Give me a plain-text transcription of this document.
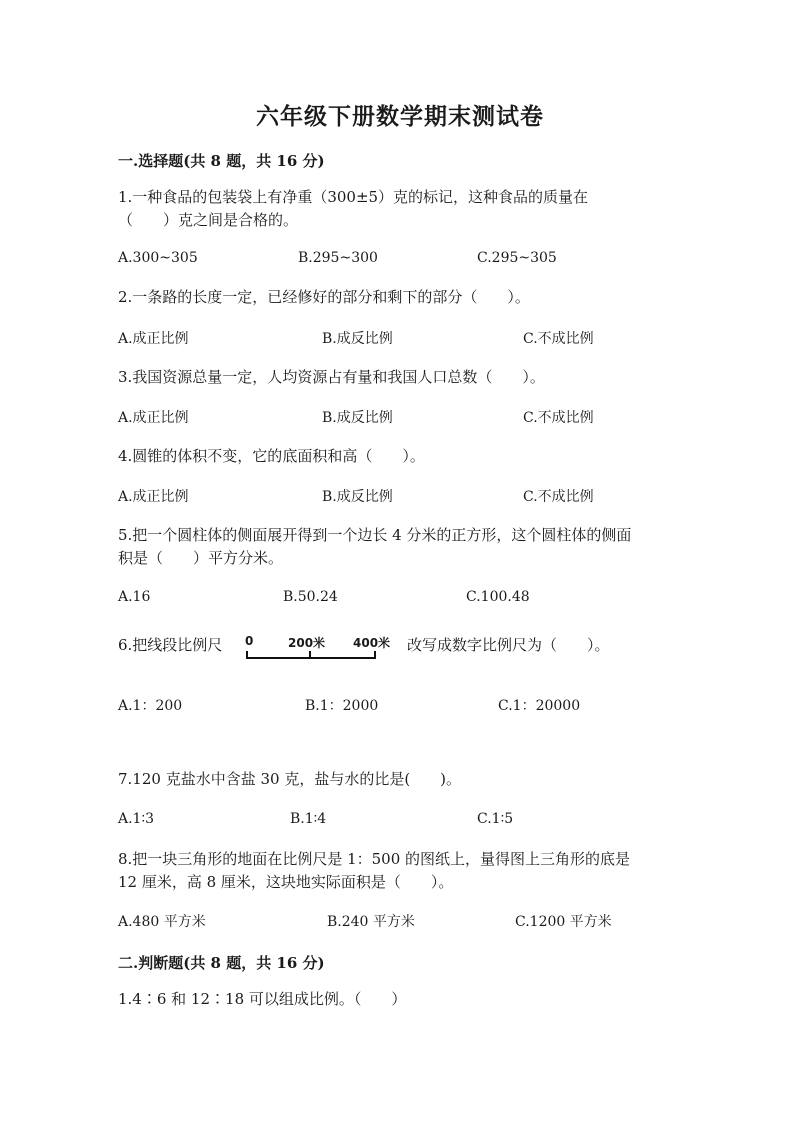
六年级下册数学期末测试卷
一.选择题(共 8 题，共 16 分)
1.一种食品的包装袋上有净重（300±5）克的标记，这种食品的质量在
（　　）克之间是合格的。
A.300~305	B.295~300	C.295~305
2.一条路的长度一定，已经修好的部分和剩下的部分（　　）。
A.成正比例	B.成反比例	C.不成比例
3.我国资源总量一定，人均资源占有量和我国人口总数（　　）。
A.成正比例	B.成反比例	C.不成比例
4.圆锥的体积不变，它的底面积和高（　　）。
A.成正比例	B.成反比例	C.不成比例
5.把一个圆柱体的侧面展开得到一个边长 4 分米的正方形，这个圆柱体的侧面
积是（　　）平方分米。
A.16	B.50.24	C.100.48
6.把线段比例尺 0	200米 400米 改写成数字比例尺为（　　）。
A.1：200	B.1：2000	C.1：20000
7.120 克盐水中含盐 30 克，盐与水的比是(　　)。
A.1∶3	B.1∶4	C.1∶5
8.把一块三角形的地面在比例尺是 1：500 的图纸上，量得图上三角形的底是
12 厘米，高 8 厘米，这块地实际面积是（　　）。
A.480 平方米	B.240 平方米	C.1200 平方米
二.判断题(共 8 题，共 16 分)
1.4∶6 和 12∶18 可以组成比例。（　　）
